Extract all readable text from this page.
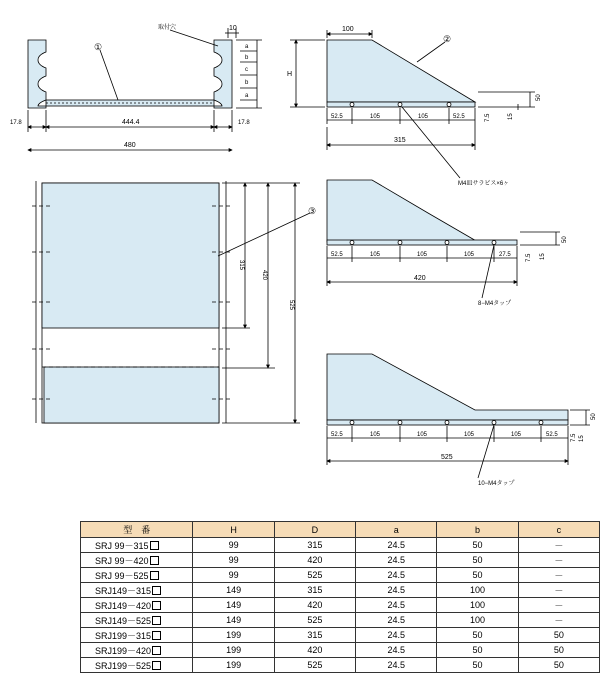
①
10
取付穴
a
b
c
b
a
17.8	17.8
444.4
480
③
315
420
525
②
H
100
52.5	105	105	52.5
315
50
7.5	15
M4皿サラビス×6ヶ
52.5	105	105	105	27.5
420
50
7.5 15
8−M4タップ
52.5	105	105	105	105	52.5
525
50
7.5 15
10−M4タップ
型　番	H	D	a	b	c
SRJ 99－315	99	315	24.5	50	－
SRJ 99－420	99	420	24.5	50	－
SRJ 99－525	99	525	24.5	50	－
SRJ149－315	149	315	24.5	100	－
SRJ149－420	149	420	24.5	100	－
SRJ149－525	149	525	24.5	100	－
SRJ199－315	199	315	24.5	50	50
SRJ199－420	199	420	24.5	50	50
SRJ199－525	199	525	24.5	50	50
